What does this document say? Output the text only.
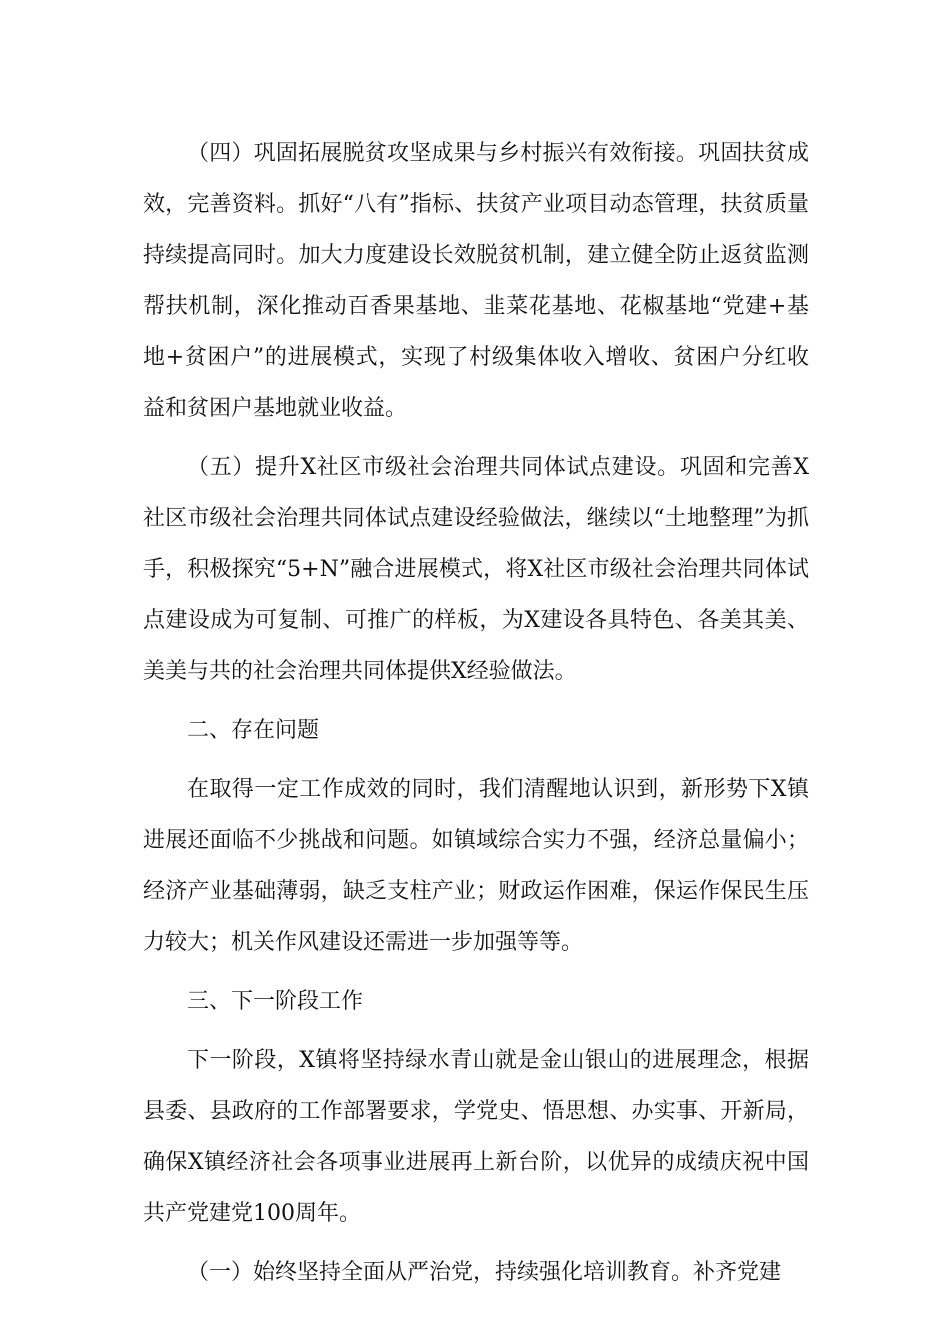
（四）巩固拓展脱贫攻坚成果与乡村振兴有效衔接。巩固扶贫成效，完善资料。抓好“八有”指标、扶贫产业项目动态管理，扶贫质量持续提高同时。加大力度建设长效脱贫机制，建立健全防止返贫监测帮扶机制，深化推动百香果基地、韭菜花基地、花椒基地“党建+基地+贫困户”的进展模式，实现了村级集体收入增收、贫困户分红收益和贫困户基地就业收益。

（五）提升X社区市级社会治理共同体试点建设。巩固和完善X社区市级社会治理共同体试点建设经验做法，继续以“土地整理”为抓手，积极探究“5+N”融合进展模式，将X社区市级社会治理共同体试点建设成为可复制、可推广的样板，为X建设各具特色、各美其美、美美与共的社会治理共同体提供X经验做法。

二、存在问题

在取得一定工作成效的同时，我们清醒地认识到，新形势下X镇进展还面临不少挑战和问题。如镇域综合实力不强，经济总量偏小；经济产业基础薄弱，缺乏支柱产业；财政运作困难，保运作保民生压力较大；机关作风建设还需进一步加强等等。

三、下一阶段工作

下一阶段，X镇将坚持绿水青山就是金山银山的进展理念，根据县委、县政府的工作部署要求，学党史、悟思想、办实事、开新局，确保X镇经济社会各项事业进展再上新台阶，以优异的成绩庆祝中国共产党建党100周年。

（一）始终坚持全面从严治党，持续强化培训教育。补齐党建
